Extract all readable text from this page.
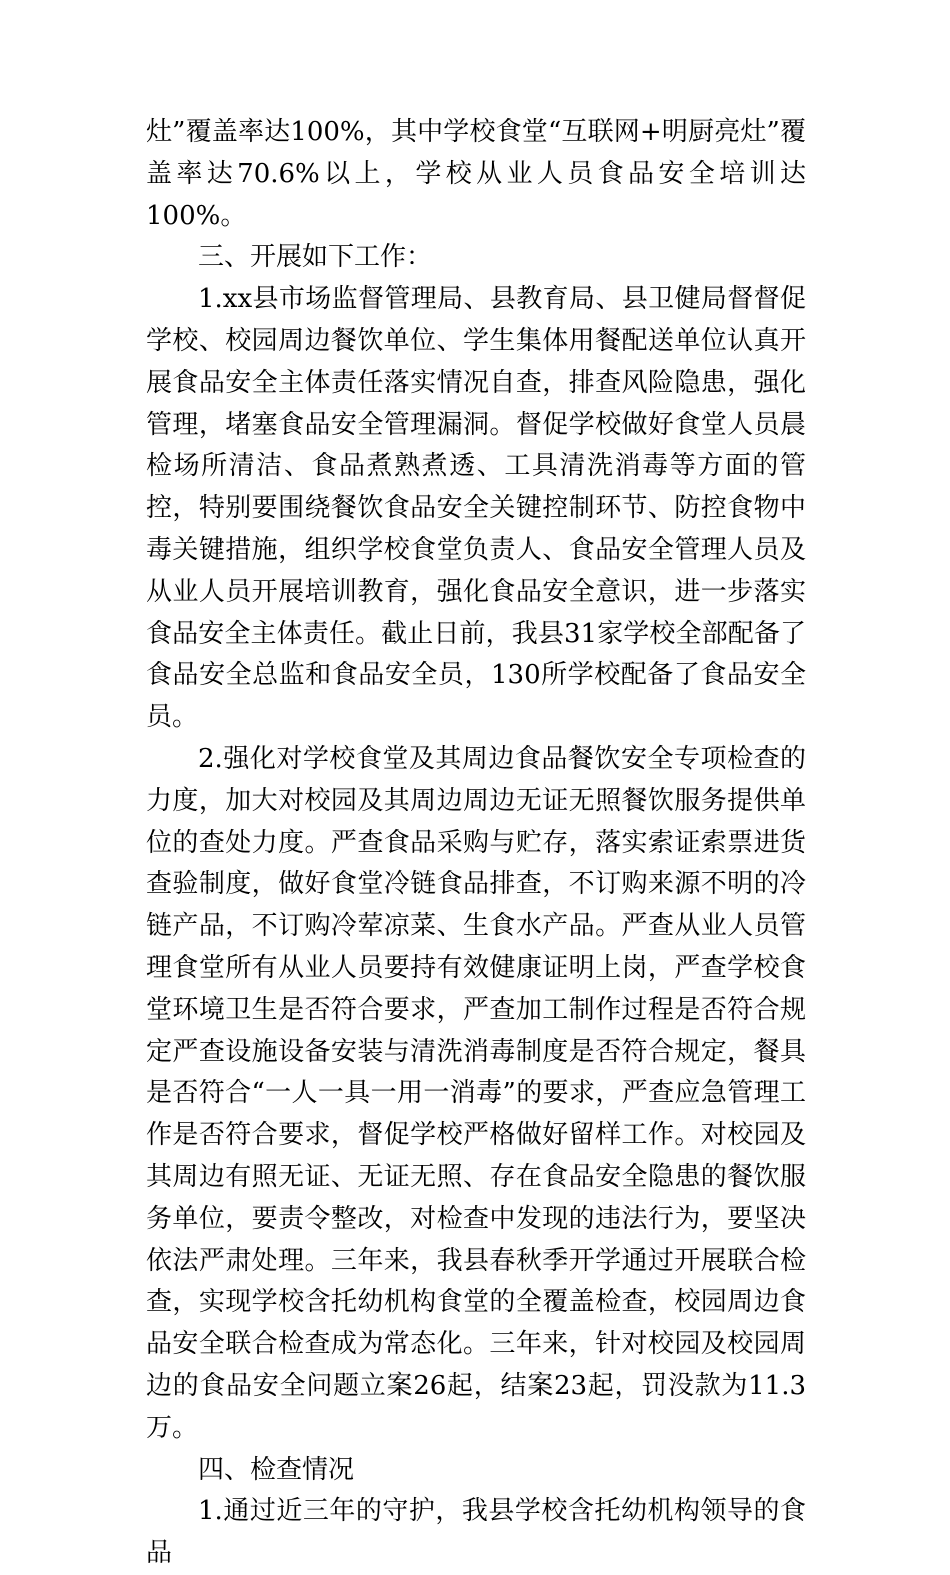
灶”覆盖率达100%，其中学校食堂“互联网+明厨亮灶”覆盖率达70.6%以上，学校从业人员食品安全培训达100%。

三、开展如下工作：

1.xx县市场监督管理局、县教育局、县卫健局督督促学校、校园周边餐饮单位、学生集体用餐配送单位认真开展食品安全主体责任落实情况自查，排查风险隐患，强化管理，堵塞食品安全管理漏洞。督促学校做好食堂人员晨检场所清洁、食品煮熟煮透、工具清洗消毒等方面的管控，特别要围绕餐饮食品安全关键控制环节、防控食物中毒关键措施，组织学校食堂负责人、食品安全管理人员及从业人员开展培训教育，强化食品安全意识，进一步落实食品安全主体责任。截止日前，我县31家学校全部配备了食品安全总监和食品安全员，130所学校配备了食品安全员。

2.强化对学校食堂及其周边食品餐饮安全专项检查的力度，加大对校园及其周边周边无证无照餐饮服务提供单位的查处力度。严查食品采购与贮存，落实索证索票进货查验制度，做好食堂冷链食品排查，不订购来源不明的冷链产品，不订购冷荤凉菜、生食水产品。严查从业人员管理食堂所有从业人员要持有效健康证明上岗，严查学校食堂环境卫生是否符合要求，严查加工制作过程是否符合规定严查设施设备安装与清洗消毒制度是否符合规定，餐具是否符合“一人一具一用一消毒”的要求，严查应急管理工作是否符合要求，督促学校严格做好留样工作。对校园及其周边有照无证、无证无照、存在食品安全隐患的餐饮服务单位，要责令整改，对检查中发现的违法行为，要坚决依法严肃处理。三年来，我县春秋季开学通过开展联合检查，实现学校含托幼机构食堂的全覆盖检查，校园周边食品安全联合检查成为常态化。三年来，针对校园及校园周边的食品安全问题立案26起，结案23起，罚没款为11.3万。

四、检查情况

1.通过近三年的守护，我县学校含托幼机构领导的食品
